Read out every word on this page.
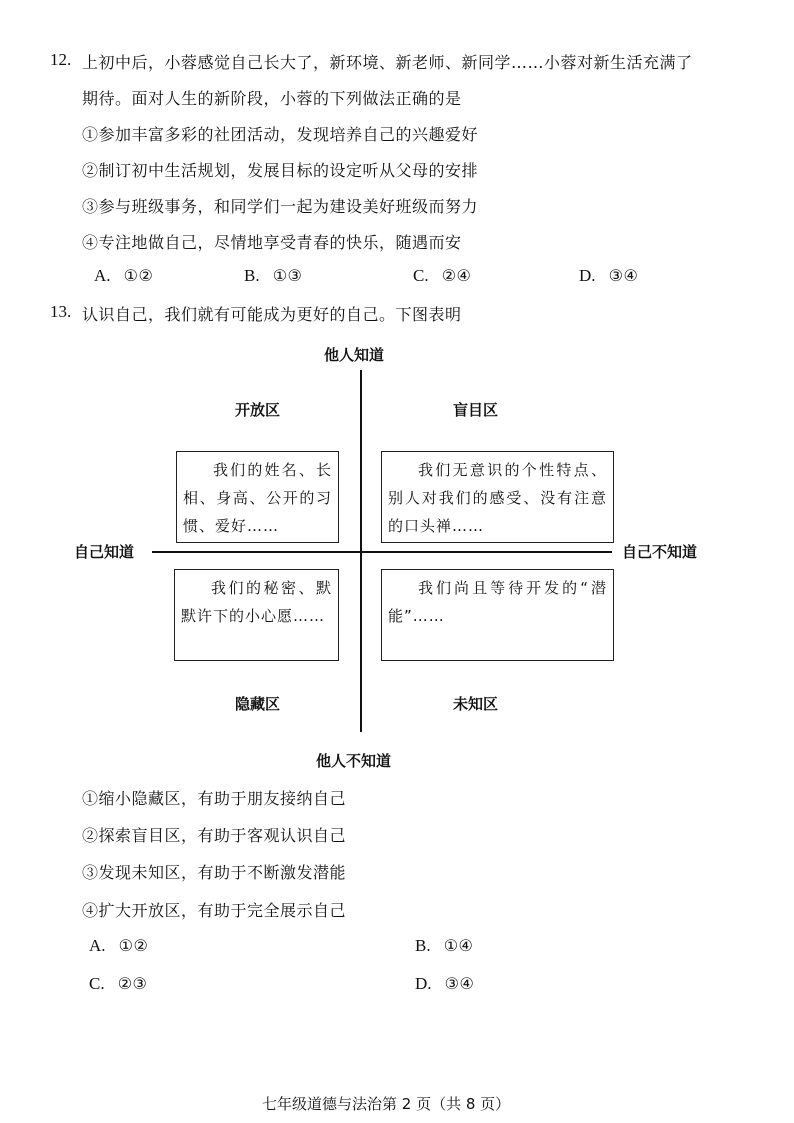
12. 上初中后，小蓉感觉自己长大了，新环境、新老师、新同学……小蓉对新生活充满了
期待。面对人生的新阶段，小蓉的下列做法正确的是
①参加丰富多彩的社团活动，发现培养自己的兴趣爱好
②制订初中生活规划，发展目标的设定听从父母的安排
③参与班级事务，和同学们一起为建设美好班级而努力
④专注地做自己，尽情地享受青春的快乐，随遇而安
A. ①②	B. ①③	C. ②④	D. ③④
13. 认识自己，我们就有可能成为更好的自己。下图表明
他人知道
他人不知道
自己知道	自己不知道
开放区	盲目区
隐藏区	未知区
我们的姓名、长相、身高、公开的习惯、爱好……
我们无意识的个性特点、别人对我们的感受、没有注意的口头禅……
我们的秘密、默默许下的小心愿……
我们尚且等待开发的“潜能”……
①缩小隐藏区，有助于朋友接纳自己
②探索盲目区，有助于客观认识自己
③发现未知区，有助于不断激发潜能
④扩大开放区，有助于完全展示自己
A. ①②	B. ①④
C. ②③	D. ③④
七年级道德与法治第 2 页（共 8 页）
